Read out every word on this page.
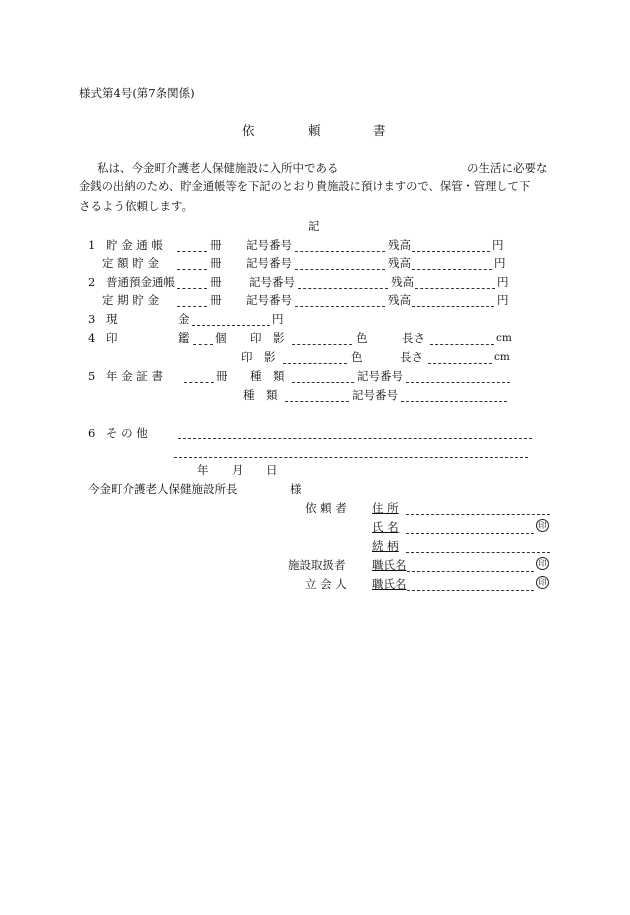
様式第4号(第7条関係)
依	頼	書
私は、今金町介護老人保健施設に入所中である	の生活に必要な
金銭の出納のため、貯金通帳等を下記のとおり貴施設に預けますので、保管・管理して下
さるよう依頼します。
記
1 貯 金 通 帳	冊 記号番号	残高	円
定 額 貯 金	冊 記号番号	残高	円
2 普通預金通帳	冊 記号番号	残高	円
定 期 貯 金	冊 記号番号	残高	円
3 現	金	円
4 印	鑑 個 印　影	色	長さ	cm
印　影	色	長さ	cm
5 年 金 証 書	冊 種　類	記号番号
種　類	記号番号
6 そ の 他
年 月 日
今金町介護老人保健施設所長	様
依 頼 者 住 所
氏 名	印
続 柄
施設取扱者 職氏名	印
立 会 人 職氏名	印
